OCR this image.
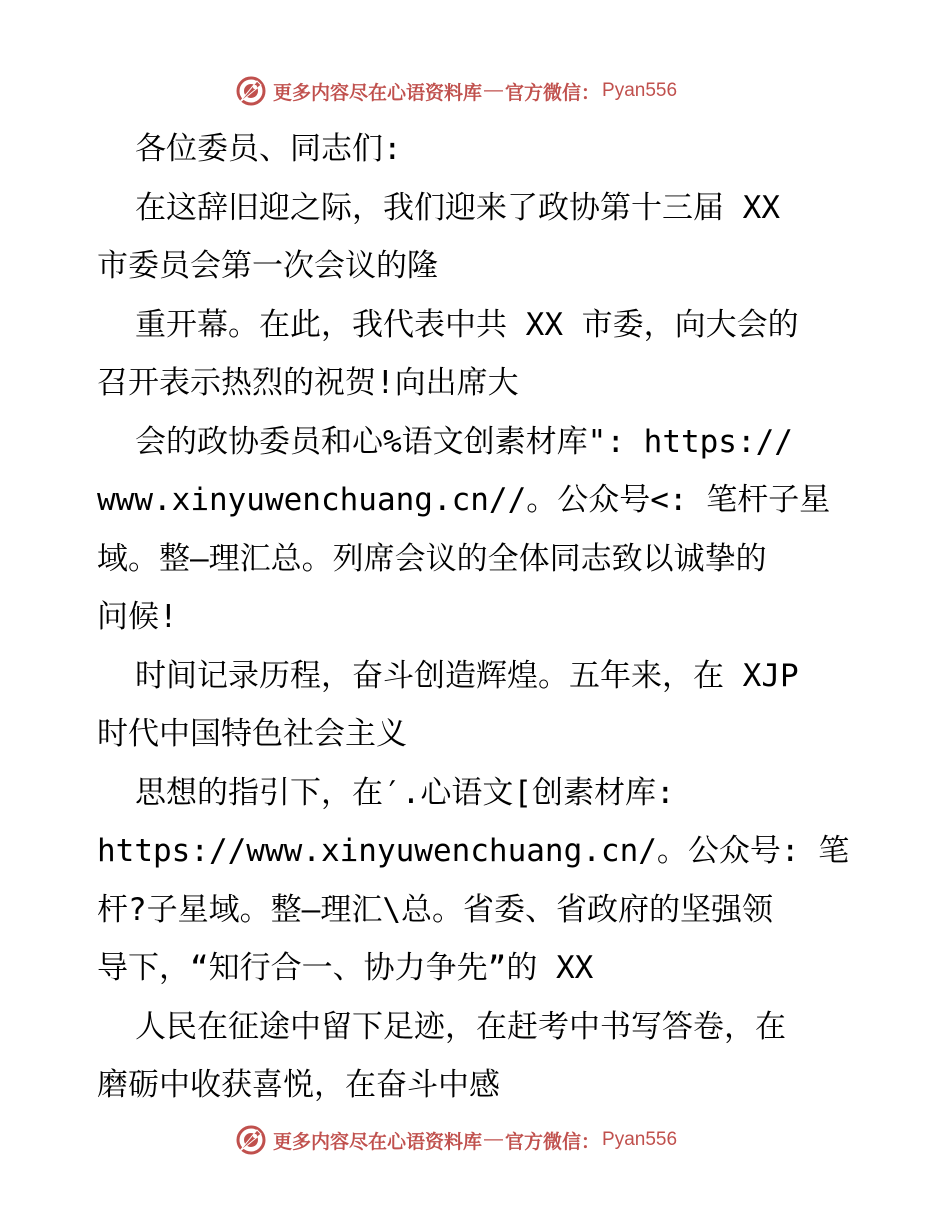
更多内容尽在心语资料库 — 官方微信： Pyan556
各位委员、同志们:
在这辞旧迎之际，我们迎来了政协第十三届 XX
市委员会第一次会议的隆
重开幕。在此，我代表中共 XX 市委，向大会的
召开表示热烈的祝贺!向出席大
会的政协委员和心%语文创素材库": https://
www.xinyuwenchuang.cn//。公众号<: 笔杆子星
域。整—理汇总。列席会议的全体同志致以诚挚的
问候!
时间记录历程，奋斗创造辉煌。五年来，在 XJP
时代中国特色社会主义
思想的指引下，在′.心语文[创素材库:
https://www.xinyuwenchuang.cn/。公众号: 笔
杆?子星域。整—理汇\总。省委、省政府的坚强领
导下，“知行合一、协力争先”的 XX
人民在征途中留下足迹，在赶考中书写答卷，在
磨砺中收获喜悦，在奋斗中感
更多内容尽在心语资料库 — 官方微信： Pyan556
